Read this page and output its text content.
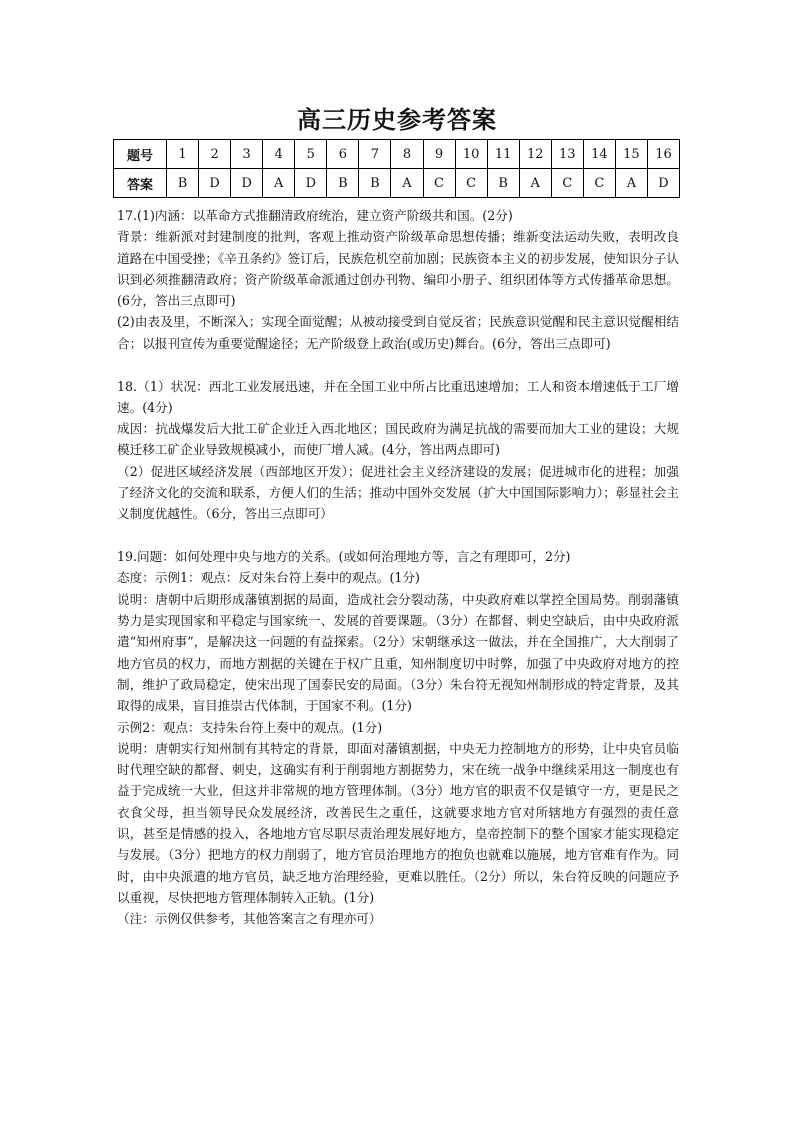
高三历史参考答案
题号	1	2	3	4	5	6	7	8	9	10	11	12	13	14	15	16
答案	B	D	D	A	D	B	B	A	C	C	B	A	C	C	A	D

17.(1)内涵：以革命方式推翻清政府统治，建立资产阶级共和国。(2分)

背景：维新派对封建制度的批判，客观上推动资产阶级革命思想传播；维新变法运动失败，表明改良道路在中国受挫；《辛丑条约》签订后，民族危机空前加剧；民族资本主义的初步发展，使知识分子认识到必须推翻清政府；资产阶级革命派通过创办刊物、编印小册子、组织团体等方式传播革命思想。(6分，答出三点即可)

(2)由表及里，不断深入；实现全面觉醒；从被动接受到自觉反省；民族意识觉醒和民主意识觉醒相结合；以报刊宣传为重要觉醒途径；无产阶级登上政治(或历史)舞台。(6分，答出三点即可)

18.（1）状况：西北工业发展迅速，并在全国工业中所占比重迅速增加；工人和资本增速低于工厂增速。(4分)

成因：抗战爆发后大批工矿企业迁入西北地区；国民政府为满足抗战的需要而加大工业的建设；大规模迁移工矿企业导致规模减小，而使厂增人减。(4分，答出两点即可)

（2）促进区域经济发展（西部地区开发）；促进社会主义经济建设的发展；促进城市化的进程；加强了经济文化的交流和联系，方便人们的生活；推动中国外交发展（扩大中国国际影响力）；彰显社会主义制度优越性。（6分，答出三点即可）

19.问题：如何处理中央与地方的关系。(或如何治理地方等，言之有理即可，2分)

态度：示例1：观点：反对朱台符上奏中的观点。(1分)

说明：唐朝中后期形成藩镇割据的局面，造成社会分裂动荡，中央政府难以掌控全国局势。削弱藩镇势力是实现国家和平稳定与国家统一、发展的首要课题。（3分）在都督、刺史空缺后，由中央政府派遣“知州府事”，是解决这一问题的有益探索。（2分）宋朝继承这一做法，并在全国推广，大大削弱了地方官员的权力，而地方割据的关键在于权广且重，知州制度切中时弊，加强了中央政府对地方的控制，维护了政局稳定，使宋出现了国泰民安的局面。（3分）朱台符无视知州制形成的特定背景，及其取得的成果，盲目推崇古代体制，于国家不利。(1分)

示例2：观点：支持朱台符上奏中的观点。(1分)

说明：唐朝实行知州制有其特定的背景，即面对藩镇割据，中央无力控制地方的形势，让中央官员临时代理空缺的都督、刺史，这确实有利于削弱地方割据势力，宋在统一战争中继续采用这一制度也有益于完成统一大业，但这并非常规的地方管理体制。（3分）地方官的职责不仅是镇守一方，更是民之衣食父母，担当领导民众发展经济，改善民生之重任，这就要求地方官对所辖地方有强烈的责任意识，甚至是情感的投入，各地地方官尽职尽责治理发展好地方，皇帝控制下的整个国家才能实现稳定与发展。（3分）把地方的权力削弱了，地方官员治理地方的抱负也就难以施展，地方官难有作为。同时，由中央派遣的地方官员，缺乏地方治理经验，更难以胜任。（2分）所以，朱台符反映的问题应予以重视，尽快把地方管理体制转入正轨。(1分)

（注：示例仅供参考，其他答案言之有理亦可）
